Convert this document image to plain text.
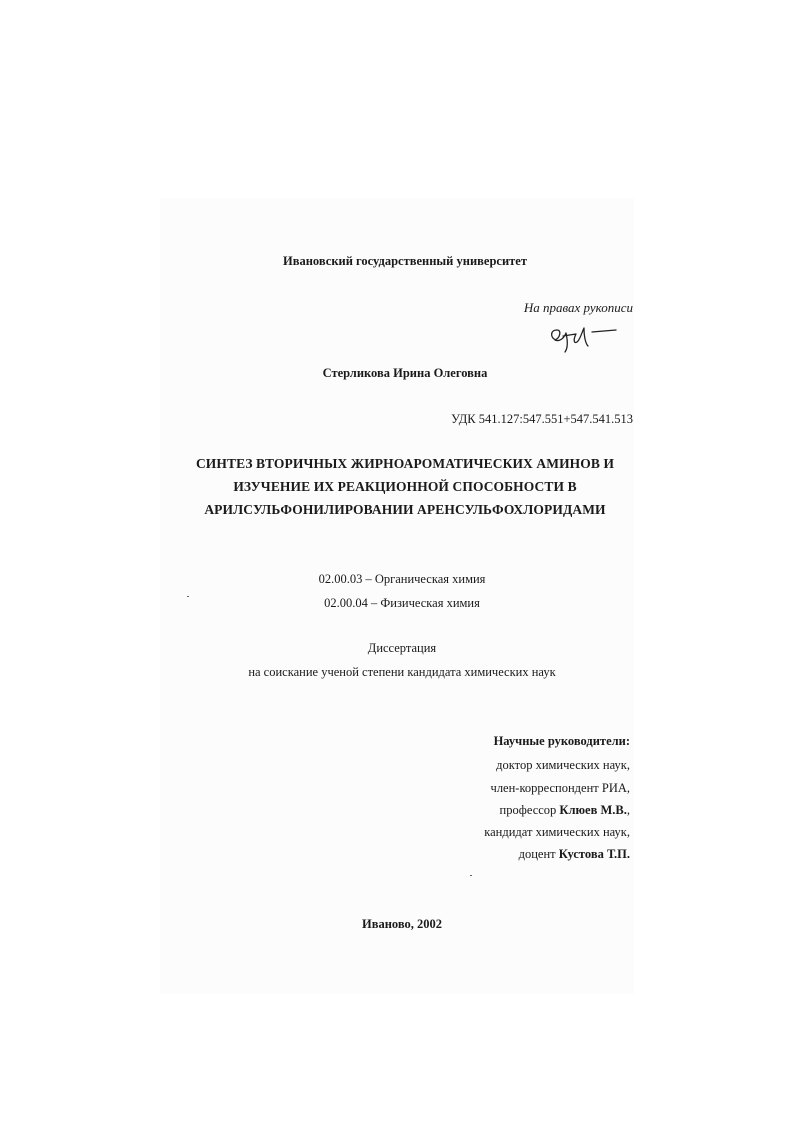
Ивановский государственный университет
На правах рукописи
Стерликова Ирина Олеговна
УДК 541.127:547.551+547.541.513
СИНТЕЗ ВТОРИЧНЫХ ЖИРНОАРОМАТИЧЕСКИХ АМИНОВ И
ИЗУЧЕНИЕ ИХ РЕАКЦИОННОЙ СПОСОБНОСТИ В
АРИЛСУЛЬФОНИЛИРОВАНИИ АРЕНСУЛЬФОХЛОРИДАМИ
02.00.03 – Органическая химия
02.00.04 – Физическая химия
Диссертация
на соискание ученой степени кандидата химических наук
Научные руководители:
доктор химических наук,
член-корреспондент РИА,
профессор Клюев М.В.,
кандидат химических наук,
доцент Кустова Т.П.
Иваново, 2002
